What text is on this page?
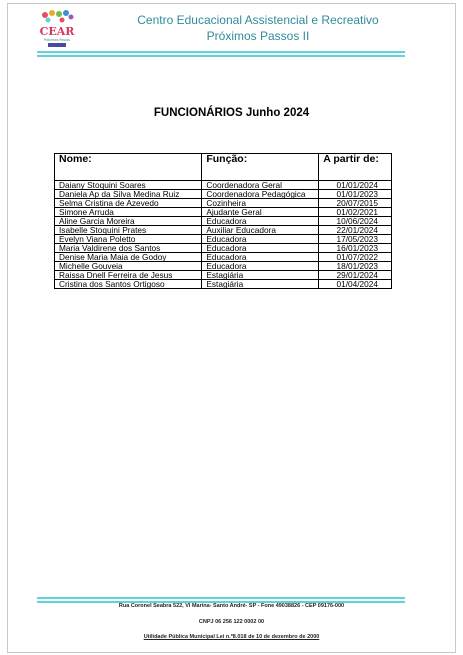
CEAR
Próximos Passos
Centro Educacional Assistencial e Recreativo
Próximos Passos II
FUNCIONÁRIOS Junho 2024
Nome:	Função:	A partir de:
Daiany Stoquini Soares	Coordenadora Geral	01/01/2024
Daniela Ap da Silva Medina Ruiz	Coordenadora Pedagógica	01/01/2023
Selma Cristina de Azevedo	Cozinheira	20/07/2015
Simone Arruda	Ajudante Geral	01/02/2021
Aline Garcia Moreira	Educadora	10/06/2024
Isabelle Stoquini Prates	Auxiliar Educadora	22/01/2024
Evelyn Viana Poletto	Educadora	17/05/2023
Maria Valdirene dos Santos	Educadora	16/01/2023
Denise Maria Maia de Godoy	Educadora	01/07/2022
Michelle Gouveia	Educadora	18/01/2023
Raissa Dnell Ferreira de Jesus	Estagiária	29/01/2024
Cristina dos Santos Ortigoso	Estagiária	01/04/2024
Rua Coronel Seabra 522, Vl Marina- Santo André- SP - Fone 49038826 - CEP 09176-000
CNPJ 06 256 122 0002 00
Utilidade Pública Municipal Lei n.º8.018 de 10 de dezembro de 2000
